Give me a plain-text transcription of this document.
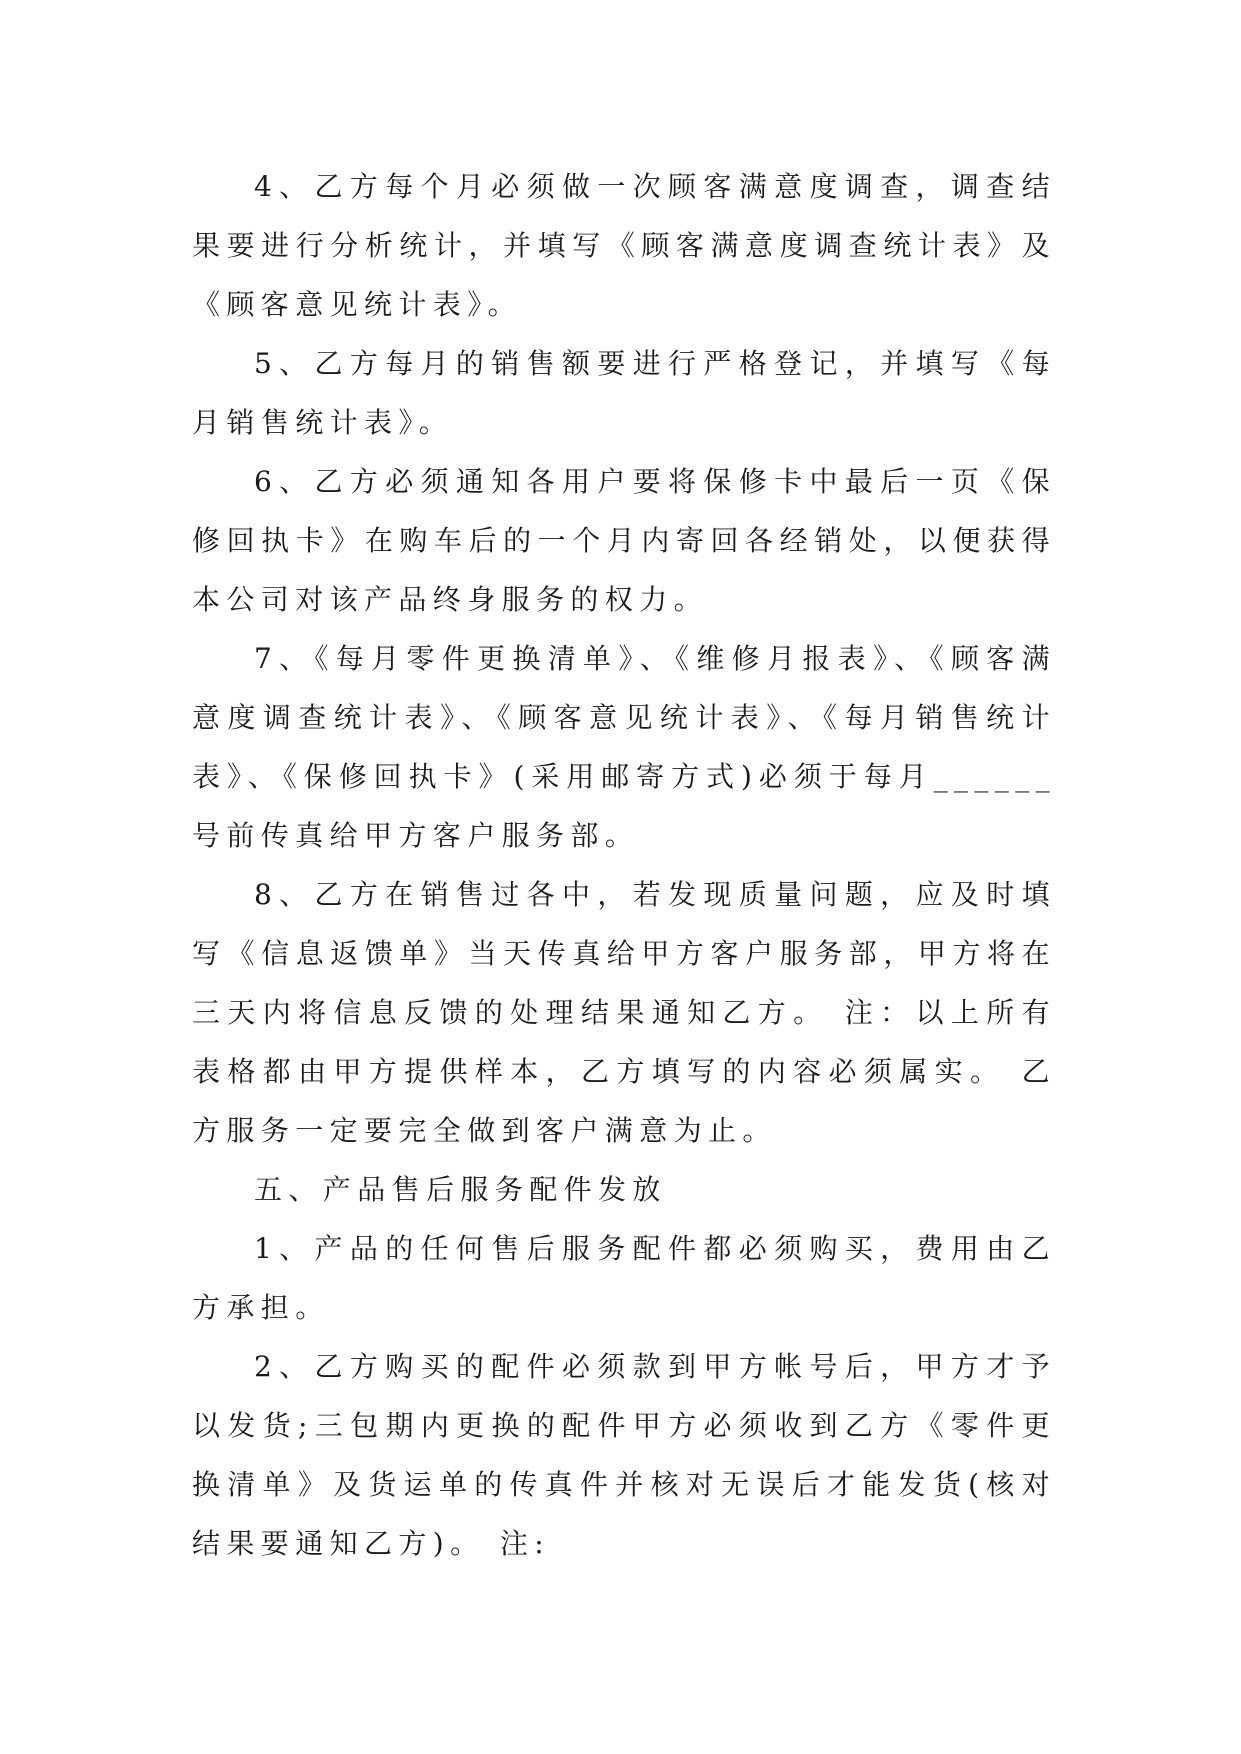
4、乙方每个月必须做一次顾客满意度调查，调查结果要进行分析统计，并填写《顾客满意度调查统计表》及《顾客意见统计表》。

5、乙方每月的销售额要进行严格登记，并填写《每月销售统计表》。

6、乙方必须通知各用户要将保修卡中最后一页《保修回执卡》在购车后的一个月内寄回各经销处，以便获得本公司对该产品终身服务的权力。

7、《每月零件更换清单》、《维修月报表》、《顾客满意度调查统计表》、《顾客意见统计表》、《每月销售统计表》、《保修回执卡》(采用邮寄方式)必须于每月______号前传真给甲方客户服务部。

8、乙方在销售过各中，若发现质量问题，应及时填写《信息返馈单》当天传真给甲方客户服务部，甲方将在三天内将信息反馈的处理结果通知乙方。 注：以上所有表格都由甲方提供样本，乙方填写的内容必须属实。 乙方服务一定要完全做到客户满意为止。

五、产品售后服务配件发放

1、产品的任何售后服务配件都必须购买，费用由乙方承担。

2、乙方购买的配件必须款到甲方帐号后，甲方才予以发货;三包期内更换的配件甲方必须收到乙方《零件更换清单》及货运单的传真件并核对无误后才能发货(核对结果要通知乙方)。 注:
